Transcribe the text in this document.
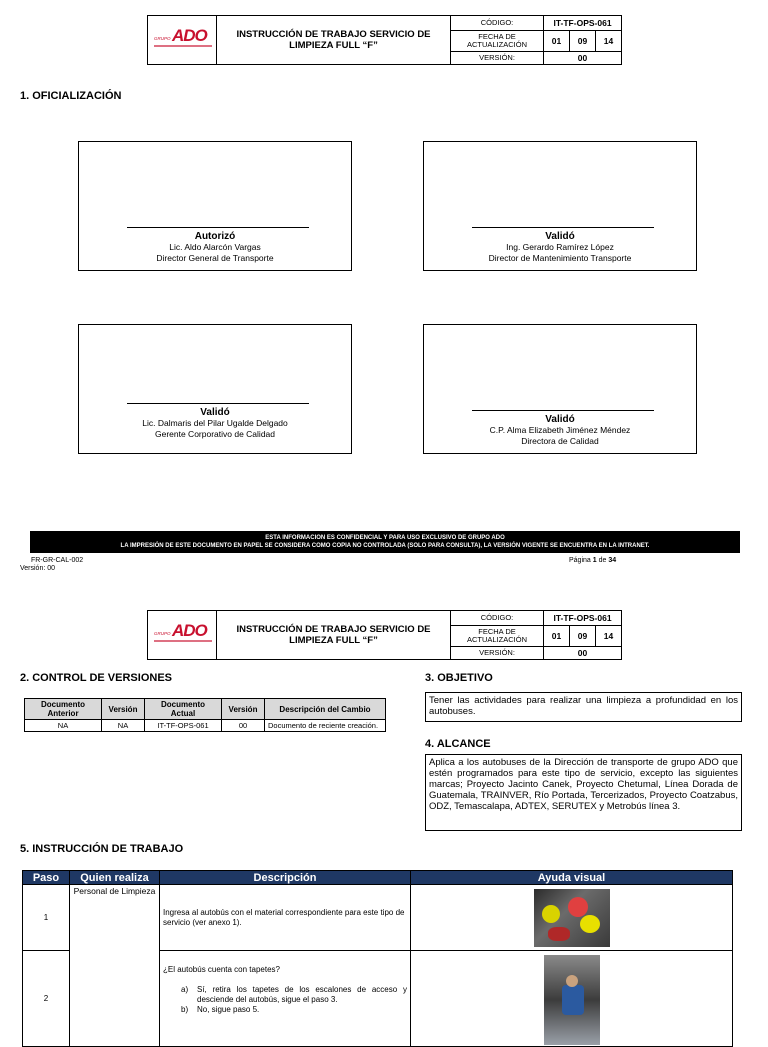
GRUPO ADO	INSTRUCCIÓN DE TRABAJO SERVICIO DE LIMPIEZA FULL “F”
CÓDIGO:	IT-TF-OPS-061
FECHA DE ACTUALIZACIÓN	01	09	14
VERSIÓN:	00
1. OFICIALIZACIÓN
Autorizó
Lic. Aldo Alarcón Vargas
Director General de Transporte
Validó
Ing. Gerardo Ramírez López
Director de Mantenimiento Transporte
Validó
Lic. Dalmaris del Pilar Ugalde Delgado
Gerente Corporativo de Calidad
Validó
C.P. Alma Elizabeth Jiménez Méndez
Directora de Calidad
ESTA INFORMACION ES CONFIDENCIAL Y PARA USO EXCLUSIVO DE GRUPO ADO
LA IMPRESIÓN DE ESTE DOCUMENTO EN PAPEL SE CONSIDERA COMO COPIA NO CONTROLADA (SOLO PARA CONSULTA), LA VERSIÓN VIGENTE SE ENCUENTRA EN LA INTRANET.
FR-GR-CAL-002
Versión: 00
Página 1 de 34
GRUPO ADO	INSTRUCCIÓN DE TRABAJO SERVICIO DE LIMPIEZA FULL “F”
CÓDIGO:	IT-TF-OPS-061
FECHA DE ACTUALIZACIÓN	01	09	14
VERSIÓN:	00
2. CONTROL DE VERSIONES
Documento Anterior	Versión	Documento Actual	Versión	Descripción del Cambio
NA	NA	IT-TF-OPS-061	00	Documento de reciente creación.
3. OBJETIVO
Tener las actividades para realizar una limpieza a profundidad en los autobuses.
4. ALCANCE
Aplica a los autobuses de la Dirección de transporte de grupo ADO que estén programados para este tipo de servicio, excepto las siguientes marcas; Proyecto Jacinto Canek, Proyecto Chetumal, Línea Dorada de Guatemala, TRAINVER, Río Portada, Tercerizados, Proyecto Coatzabus, ODZ, Temascalapa, ADTEX, SERUTEX y Metrobús línea 3.
5. INSTRUCCIÓN DE TRABAJO
Paso	Quien realiza	Descripción	Ayuda visual
1	Personal de Limpieza	Ingresa al autobús con el material correspondiente para este tipo de servicio (ver anexo 1).	

2		¿El autobús cuenta con tapetes?
a) Sí, retira los tapetes de los escalones de acceso y desciende del autobús, sigue el paso 3.
b) No, sigue paso 5.	
